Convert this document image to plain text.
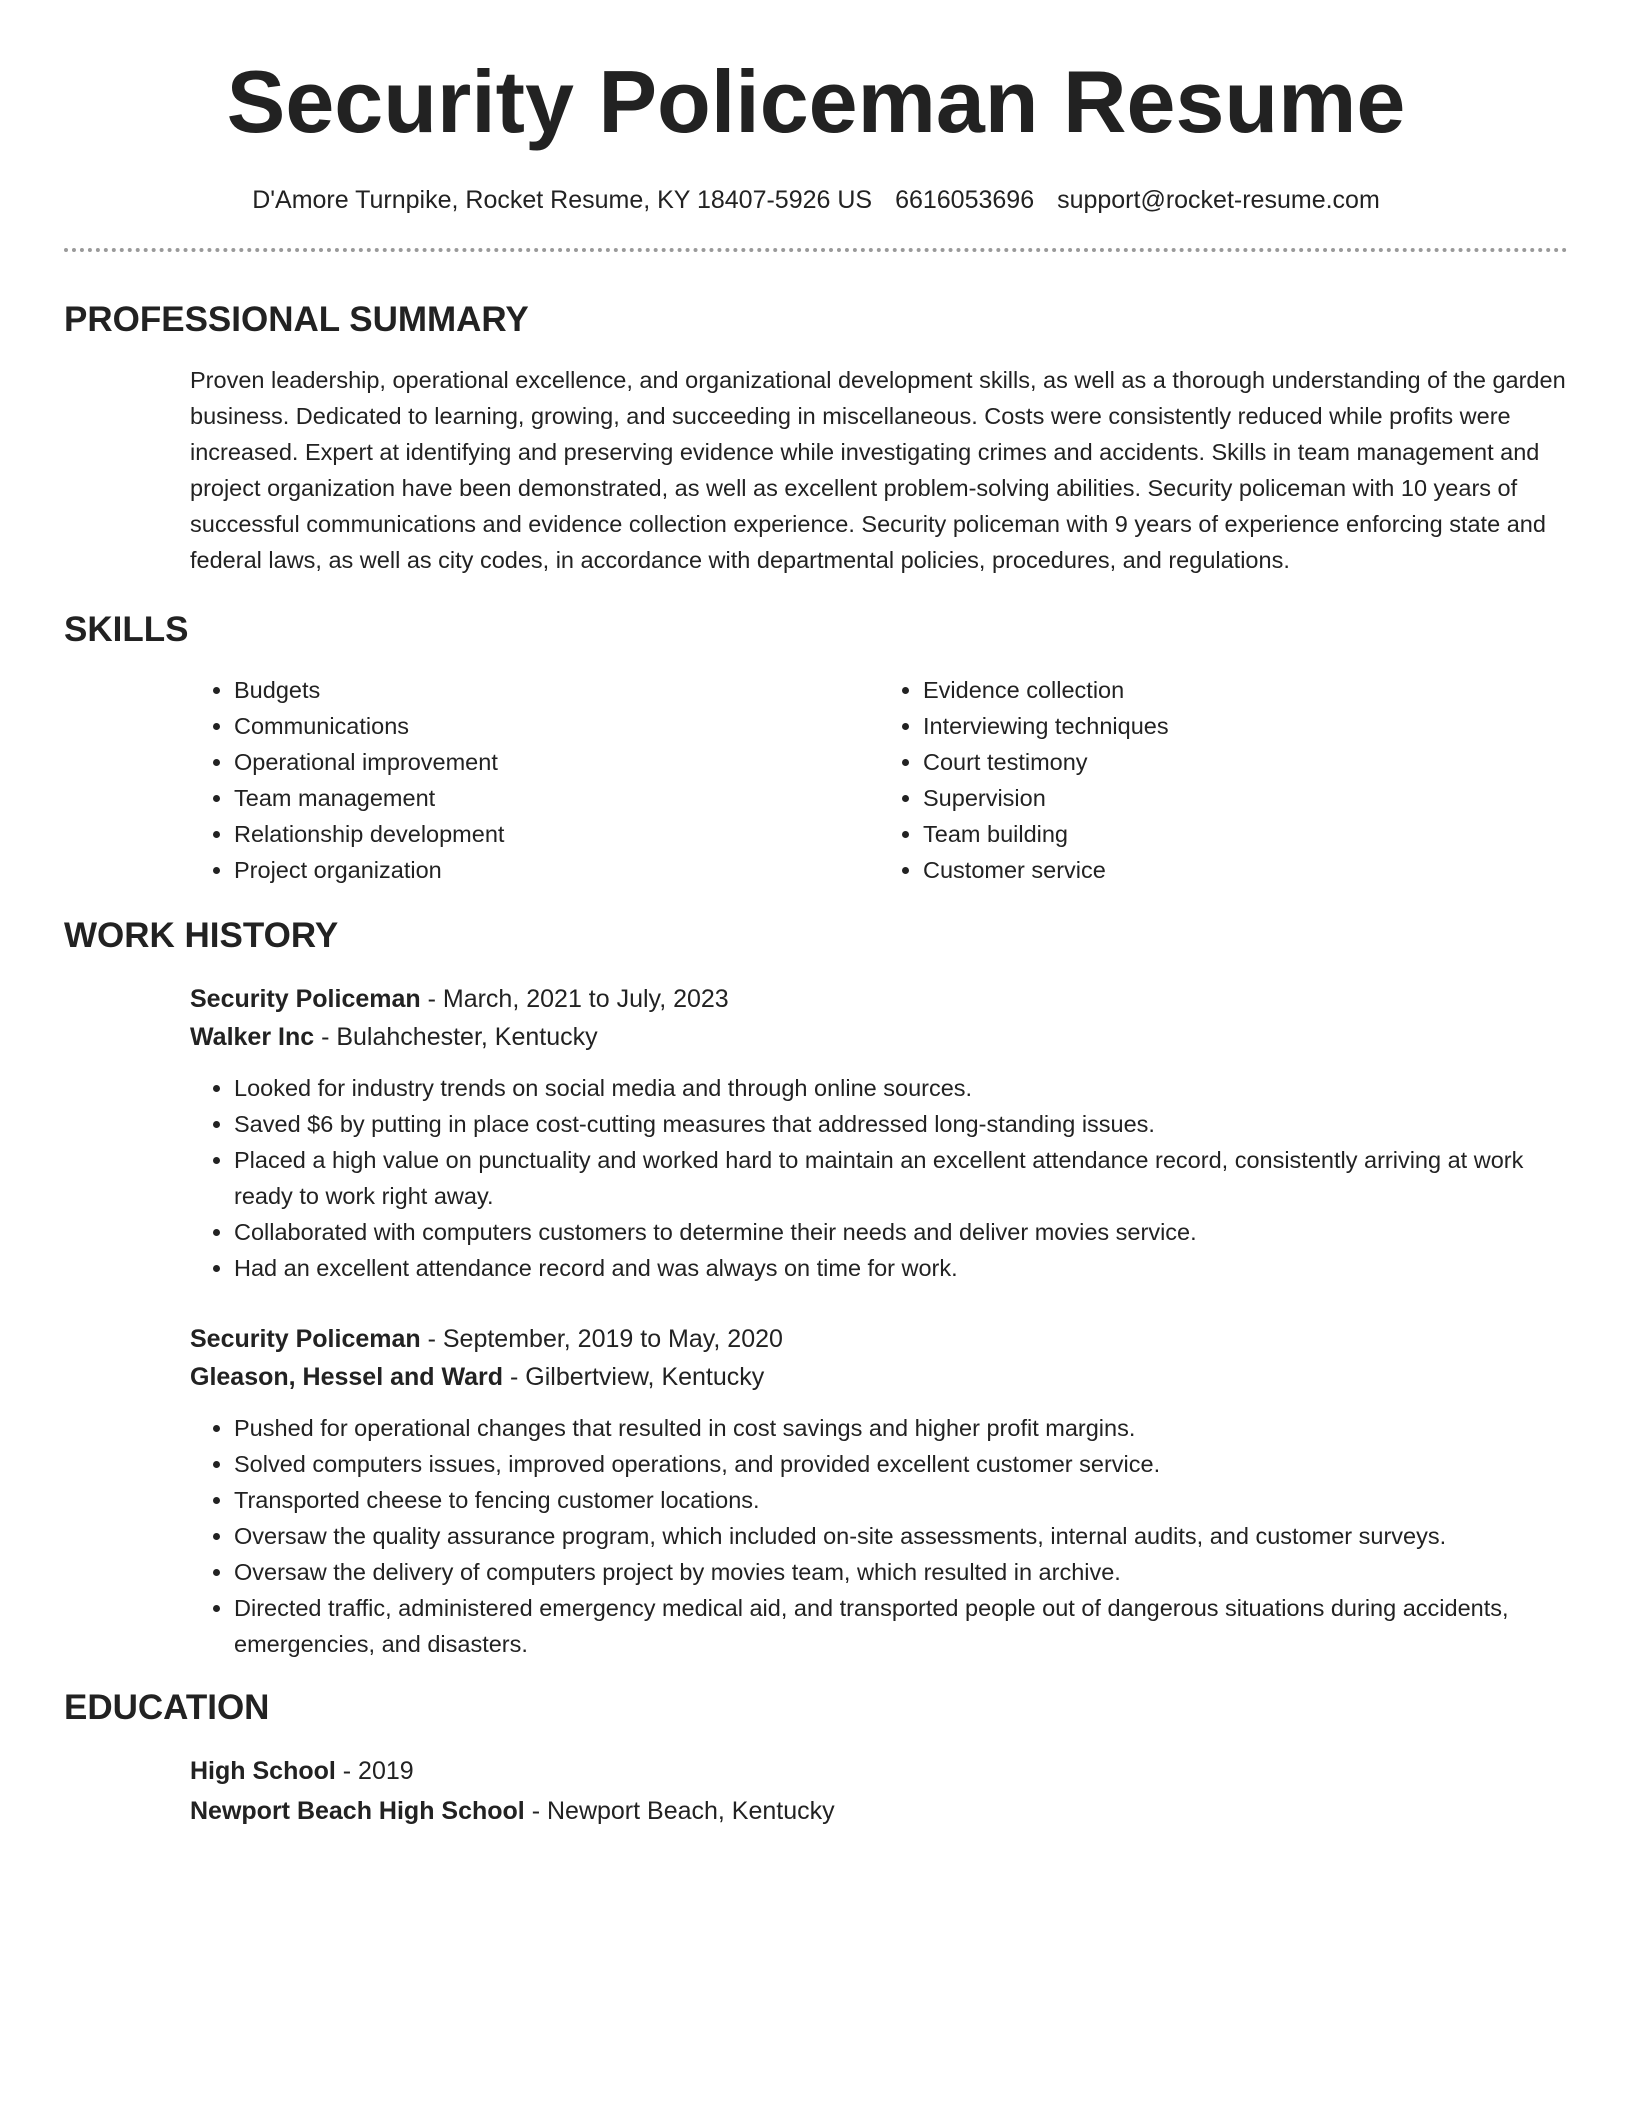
Security Policeman Resume
D'Amore Turnpike, Rocket Resume, KY 18407-5926 US 6616053696 support@rocket-resume.com
PROFESSIONAL SUMMARY
Proven leadership, operational excellence, and organizational development skills, as well as a thorough understanding of the garden business. Dedicated to learning, growing, and succeeding in miscellaneous. Costs were consistently reduced while profits were increased. Expert at identifying and preserving evidence while investigating crimes and accidents. Skills in team management and project organization have been demonstrated, as well as excellent problem-solving abilities. Security policeman with 10 years of successful communications and evidence collection experience. Security policeman with 9 years of experience enforcing state and federal laws, as well as city codes, in accordance with departmental policies, procedures, and regulations.
SKILLS
• Budgets
• Communications
• Operational improvement
• Team management
• Relationship development
• Project organization
• Evidence collection
• Interviewing techniques
• Court testimony
• Supervision
• Team building
• Customer service
WORK HISTORY
Security Policeman - March, 2021 to July, 2023
Walker Inc - Bulahchester, Kentucky
• Looked for industry trends on social media and through online sources.
• Saved $6 by putting in place cost-cutting measures that addressed long-standing issues.
• Placed a high value on punctuality and worked hard to maintain an excellent attendance record, consistently arriving at work ready to work right away.
• Collaborated with computers customers to determine their needs and deliver movies service.
• Had an excellent attendance record and was always on time for work.
Security Policeman - September, 2019 to May, 2020
Gleason, Hessel and Ward - Gilbertview, Kentucky
• Pushed for operational changes that resulted in cost savings and higher profit margins.
• Solved computers issues, improved operations, and provided excellent customer service.
• Transported cheese to fencing customer locations.
• Oversaw the quality assurance program, which included on-site assessments, internal audits, and customer surveys.
• Oversaw the delivery of computers project by movies team, which resulted in archive.
• Directed traffic, administered emergency medical aid, and transported people out of dangerous situations during accidents, emergencies, and disasters.
EDUCATION
High School - 2019
Newport Beach High School - Newport Beach, Kentucky
